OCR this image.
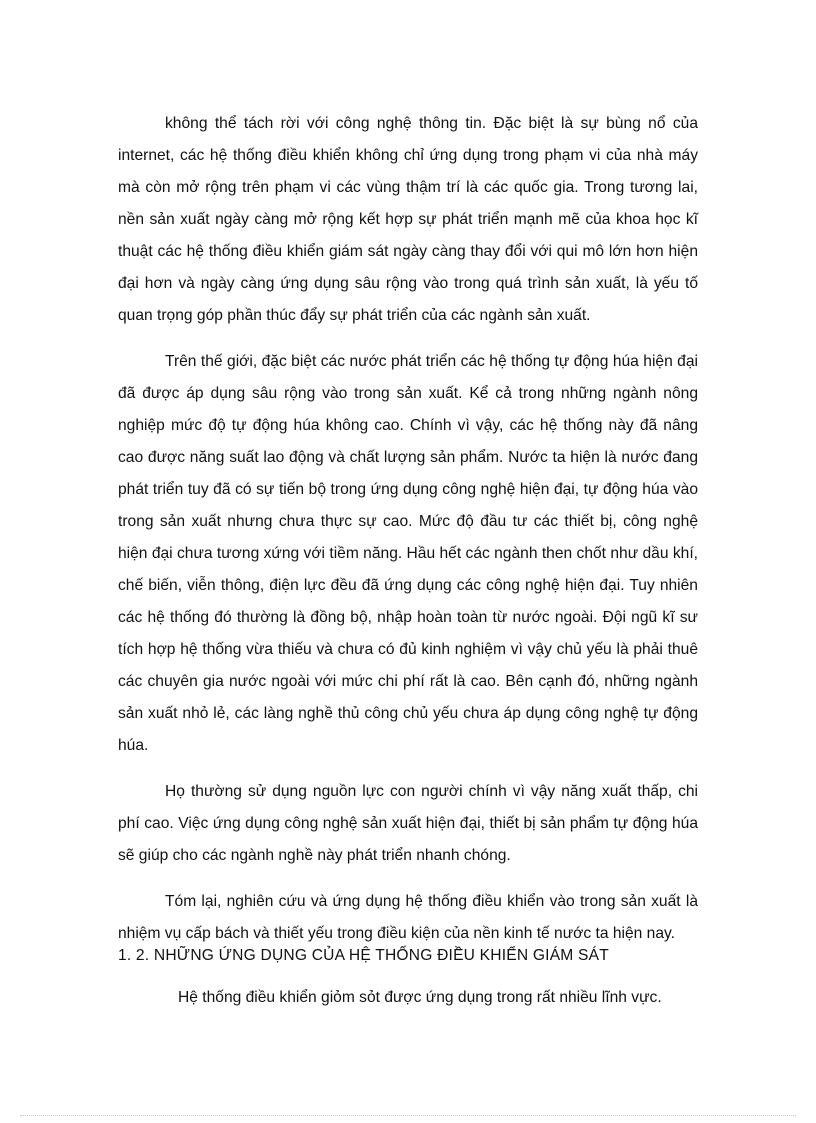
không thể tách rời với công nghệ thông tin. Đặc biệt là sự bùng nổ của internet, các hệ thống điều khiển không chỉ ứng dụng trong phạm vi của nhà máy mà còn mở rộng trên phạm vi các vùng thậm trí là các quốc gia. Trong tương lai, nền sản xuất ngày càng mở rộng kết hợp sự phát triển mạnh mẽ của khoa học kĩ thuật các hệ thống điều khiển giám sát ngày càng thay đổi với qui mô lớn hơn hiện đại hơn và ngày càng ứng dụng sâu rộng vào trong quá trình sản xuất, là yếu tố quan trọng góp phần thúc đẩy sự phát triển của các ngành sản xuất.

Trên thế giới, đặc biệt các nước phát triển các hệ thống tự động húa hiện đại đã được áp dụng sâu rộng vào trong sản xuất. Kể cả trong những ngành nông nghiệp mức độ tự động húa không cao. Chính vì vậy, các hệ thống này đã nâng cao được năng suất lao động và chất lượng sản phẩm. Nước ta hiện là nước đang phát triển tuy đã có sự tiến bộ trong ứng dụng công nghệ hiện đại, tự động húa vào trong sản xuất nhưng chưa thực sự cao. Mức độ đầu tư các thiết bị, công nghệ hiện đại chưa tương xứng với tiềm năng. Hầu hết các ngành then chốt như dầu khí, chế biến, viễn thông, điện lực đều đã ứng dụng các công nghệ hiện đại. Tuy nhiên các hệ thống đó thường là đồng bộ, nhập hoàn toàn từ nước ngoài. Đội ngũ kĩ sư tích hợp hệ thống vừa thiếu và chưa có đủ kinh nghiệm vì vậy chủ yếu là phải thuê các chuyên gia nước ngoài với mức chi phí rất là cao. Bên cạnh đó, những ngành sản xuất nhỏ lẻ, các làng nghề thủ công chủ yếu chưa áp dụng công nghệ tự động húa.

Họ thường sử dụng nguồn lực con người chính vì vậy năng xuất thấp, chi phí cao. Việc ứng dụng công nghệ sản xuất hiện đại, thiết bị sản phẩm tự động húa sẽ giúp cho các ngành nghề này phát triển nhanh chóng.

Tóm lại, nghiên cứu và ứng dụng hệ thống điều khiển vào trong sản xuất là nhiệm vụ cấp bách và thiết yếu trong điều kiện của nền kinh tế nước ta hiện nay.

1. 2. NHỮNG ỨNG DỤNG CỦA HỆ THỐNG ĐIỀU KHIỂN GIÁM SÁT
Hệ thống điều khiển giỏm sỏt được ứng dụng trong rất nhiều lĩnh vực.
